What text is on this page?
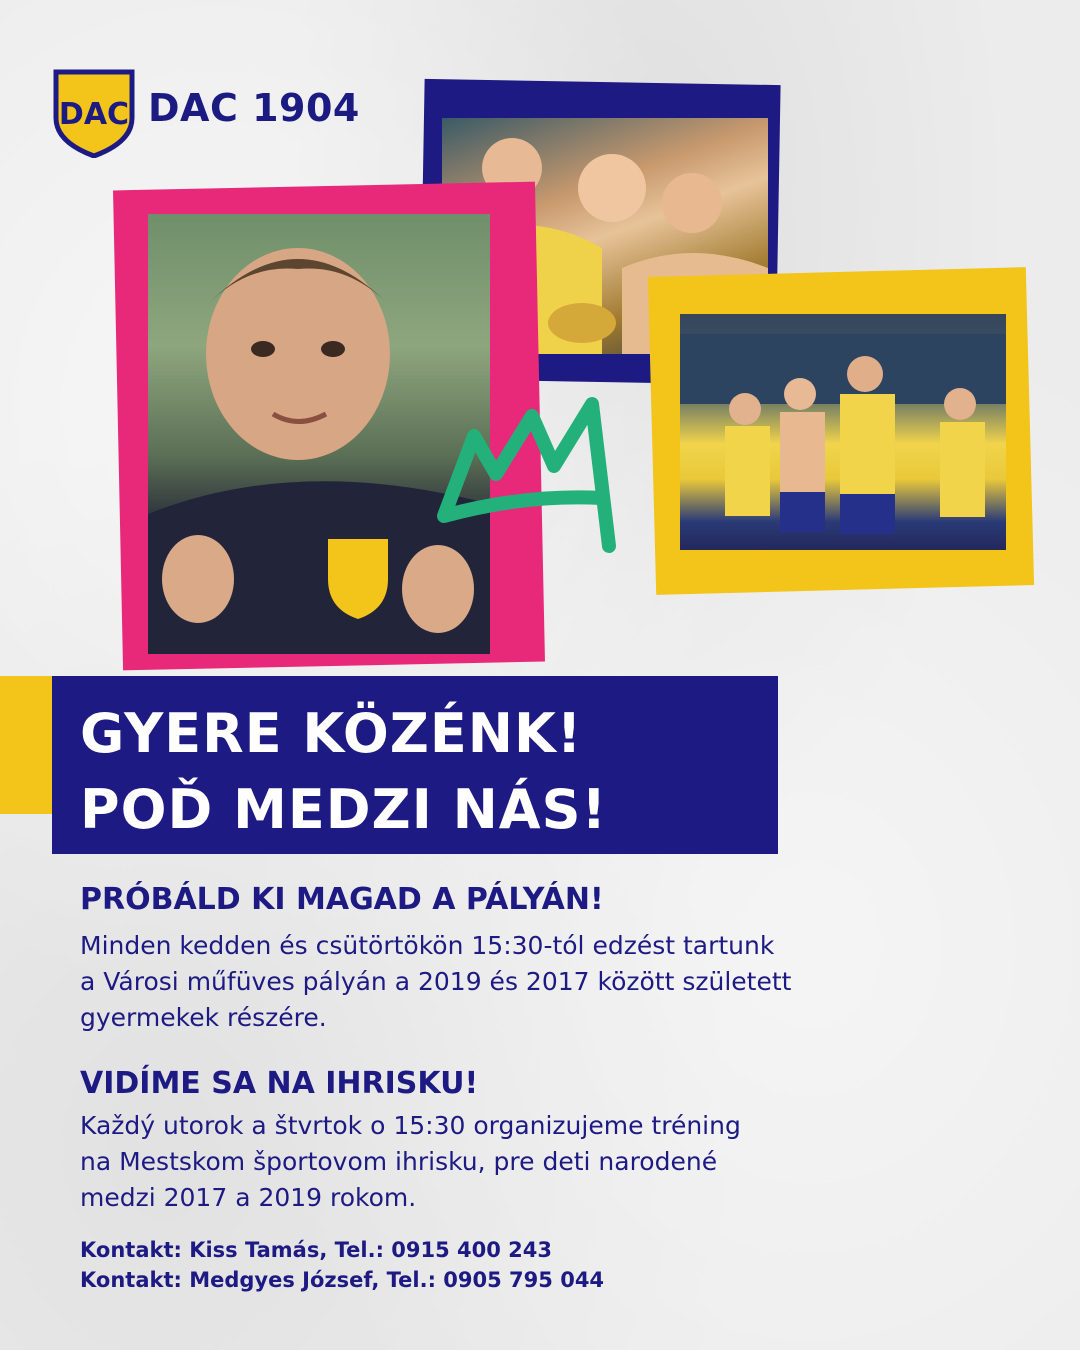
DAC DAC 1904
GYERE KÖZÉNK!
POĎ MEDZI NÁS!
PRÓBÁLD KI MAGAD A PÁLYÁN!
Minden kedden és csütörtökön 15:30-tól edzést tartunk
a Városi műfüves pályán a 2019 és 2017 között született
gyermekek részére.
VIDÍME SA NA IHRISKU!
Každý utorok a štvrtok o 15:30 organizujeme tréning
na Mestskom športovom ihrisku, pre deti narodené
medzi 2017 a 2019 rokom.
Kontakt: Kiss Tamás, Tel.: 0915 400 243
Kontakt: Medgyes József, Tel.: 0905 795 044
